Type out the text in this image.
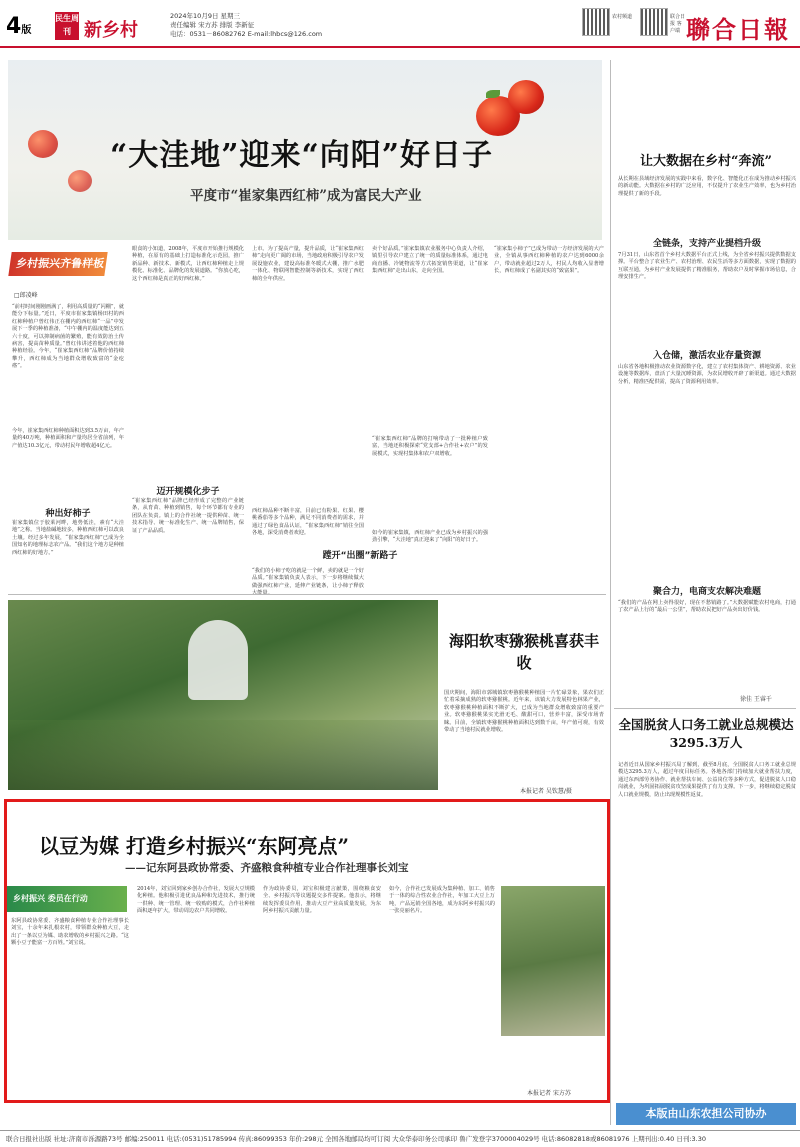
4版
民生周刊 新乡村
2024年10月9日 星期三
责任编辑 宋方苏 排版 李新征
电话：0531－86082762 E-mail:lhbcs@126.com
农村频道	联合日报 客户端 聯合日報
“大洼地”迎来“向阳”好日子
平度市“崔家集西红柿”成为富民大产业
乡村振兴齐鲁样板
□郎凌峰
“前村时间刚刚画满了，利用高质量的“闪棚”，就能分下标量。”近日，平度市崔家集镇杨田村的西红柿种植户曾红伟正在棚内的西红柿“一品”中发展下一季的种植准备，“中午棚内的温度能达到五六十度，可以抑制病菌的繁殖，能有效防治土传病害，提高苗种质量。”曾红伟讲述着他的西红柿种植经验。今年，“崔家集西红柿”品牌价值持续攀升，西红柿成为当地群众增收致富的“金疙瘩”。
今年，崔家集西红柿种植面积达到3.5万亩，年产量约40万吨，种植面积和产量均居全省前列，年产值达10.3亿元，带动村民年增收超4亿元。
种出好柿子
崔家集镇位于胶莱河畔，地势低洼，素有“大洼地”之称。当地盐碱地较多，种植西红柿可以改良土壤。经过多年发展，“崔家集西红柿”已成为全国知名的地理标志农产品。“我们这个地方是种植西红柿的好地方。”
眼食的小知道，2008年，平度市开始推行规模化种植，在原有的基础上打造标准化示范园，推广新品种、新技术、新模式，让西红柿种植走上规模化、标准化、品牌化的发展道路。“你放心吃，这个西红柿是真正的好西红柿。”
迈开规模化步子
“崔家集西红柿”品牌已经形成了完整的产业链条，从育苗、种植到销售，每个环节都有专业的团队在负责。镇上的合作社统一提供种苗、统一技术指导、统一标准化生产、统一品牌销售，保证了产品品质。
上市。为了提高产量，提升品质，让“崔家集西红柿”走向更广阔的市场，当地政府积极引导农户发展设施农业，建设高标准冬暖式大棚，推广水肥一体化、物联网智能控制等新技术，实现了西红柿的全年供应。
西红柿品种不断丰富，目前已有粉果、红果、樱桃番茄等多个品种，满足不同消费者的需求，并通过了绿色食品认证，“崔家集西红柿”销往全国各地，深受消费者欢迎。
蹚开“出圈”新路子
“我们的小柿子吃的就是一个鲜，卖的就是一个好品质。”崔家集镇负责人表示，下一步将继续做大做强西红柿产业，延伸产业链条，让小柿子释放
卖个好品质。”崔家集镇农业服务中心负责人介绍，镇里引导农户建立了统一的质量标准体系，通过电商直播、冷链物流等方式拓宽销售渠道，让“崔家集西红柿”走出山东，走向全国。
“崔家集西红柿”品牌的打响带动了一批种植户致富，当地还积极探索“党支部+合作社+农户”的发展模式，实现村集体和农户双增收。
如今的崔家集镇，西红柿产业已成为乡村振兴的强劲引擎，“大洼地”真正迎来了“向阳”的好日子。
“崔家集小柿子”已成为带动一方经济发展的大产业，全镇从事西红柿种植的农户达到6000余户，带动就业超过2万人，村民人均收入显著增长，西红柿成了名副其实的“致富果”。
让大数据在乡村“奔流”
从长期在县域经济发展的实践中来看，数字化、智能化正在成为推动乡村振兴的新动能。大数据在乡村的广泛应用，不仅提升了农业生产效率，也为乡村治理提供了新的手段。
全链条，支持产业提档升级
7月31日，山东省首个乡村大数据平台正式上线，为全省乡村振兴提供数据支撑。平台整合了农业生产、农村治理、农民生活等多方面数据，实现了数据的互联互通，为乡村产业发展提供了精准服务，帮助农户及时掌握市场信息，合理安排生产。
入仓储，激活农业存量资源
山东省各地积极推动农业资源数字化，建立了农村集体资产、耕地资源、农业设施等数据库，盘活了大量沉睡资源，为农民增收开辟了新渠道。通过大数据分析，精准匹配供需，提高了资源利用效率。
聚合力，电商支农解决难题
“我们的产品在网上卖得很好，现在不愁销路了。”大数据赋能农村电商，打通了农产品上行的“最后一公里”，帮助农民把好产品卖出好价钱。
徐佳 王睿千
海阳软枣猕猴桃喜获丰收
国庆期间，海阳市郭城镇软枣猕猴桃种植园一片忙碌景象，果农们正忙着采摘成熟的软枣猕猴桃。近年来，该镇大力发展特色林果产业，软枣猕猴桃种植面积不断扩大，已成为当地群众增收致富的重要产业。软枣猕猴桃果实光滑无毛、酸甜可口，营养丰富，深受市场青睐。目前，全镇软枣猕猴桃种植面积达到数千亩，年产值可观，有效带动了当地村民就业增收。
本报记者 吴钦慧/摄
全国脱贫人口务工就业总规模达3295.3万人
记者近日从国家乡村振兴局了解到，截至8月底，全国脱贫人口务工就业总规模达3295.3万人，超过年度目标任务。各地各部门持续加大就业帮扶力度，通过东西部劳务协作、就业帮扶车间、公益岗位等多种方式，促进脱贫人口稳岗就业，为巩固拓展脱贫攻坚成果提供了有力支撑。下一步，将继续稳定脱贫人口就业规模，防止出现规模性返贫。
本版由山东农担公司协办
以豆为媒 打造乡村振兴“东阿亮点”
——记东阿县政协常委、齐盛粮食种植专业合作社理事长刘宝
乡村振兴 委员在行动
东阿县政协常委、齐盛粮食种植专业合作社理事长刘宝，十余年来扎根农村，带领群众种植大豆，走出了一条以豆为媒、助农增收的乡村振兴之路。“这颗小豆子能富一方百姓。”刘宝说。
2014年，刘宝回到家乡创办合作社，发展大豆规模化种植。他积极引进优良品种和先进技术，推行统一供种、统一管理、统一收购的模式，合作社种植面积逐年扩大，带动周边农户共同增收。
作为政协委员，刘宝积极建言献策，围绕粮食安全、乡村振兴等议题提交多件提案。他表示，将继续发挥委员作用，推动大豆产业高质量发展，为东阿乡村振兴贡献力量。
如今，合作社已发展成为集种植、加工、销售于一体的综合性农业合作社，年加工大豆上万吨，产品远销全国各地，成为东阿乡村振兴的一张亮丽名片。
本报记者 宋方苏
联合日报社出版 社址:济南市泺源路73号 邮编:250011 电话:(0531)51785994 传真:86099353 年价:298元 全国各地邮局均可订阅 大众华泰印务公司承印 鲁广发登字3700004029号 电话:86082818或86081976 上期刊出:0.40 日刊:3.30
